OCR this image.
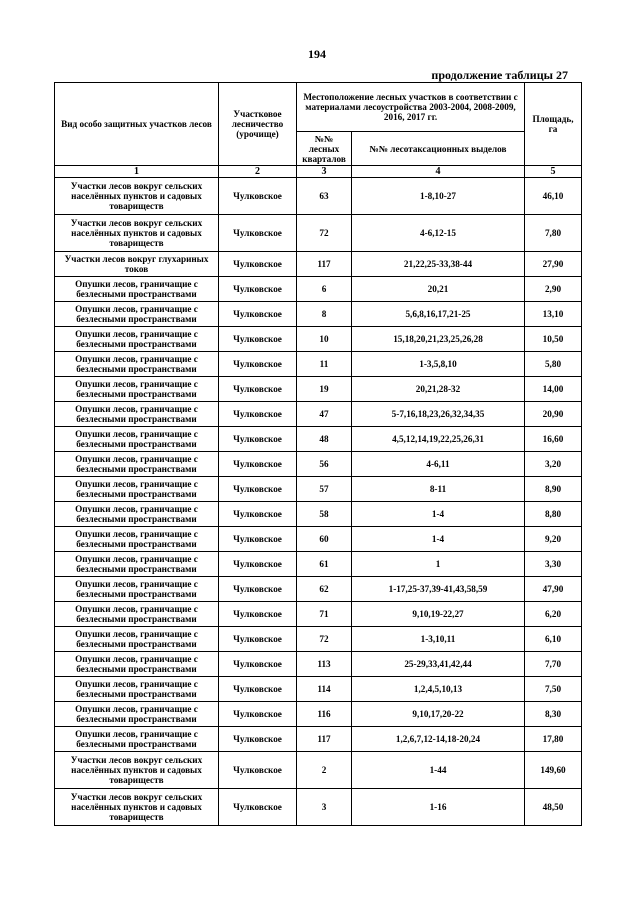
194
продолжение таблицы 27
Вид особо защитных участков лесов	Участковое лесничество (урочище)	Местоположение лесных участков в соответствии с материалами лесоустройства 2003-2004, 2008-2009, 2016, 2017 гг.		Площадь, га
		№№ лесных кварталов	№№ лесотаксационных выделов	
1	2	3	4	5
Участки лесов вокруг сельских населённых пунктов и садовых товариществ	Чулковское	63	1-8,10-27	46,10
Участки лесов вокруг сельских населённых пунктов и садовых товариществ	Чулковское	72	4-6,12-15	7,80
Участки лесов вокруг глухариных токов	Чулковское	117	21,22,25-33,38-44	27,90
Опушки лесов, граничащие с безлесными пространствами	Чулковское	6	20,21	2,90
Опушки лесов, граничащие с безлесными пространствами	Чулковское	8	5,6,8,16,17,21-25	13,10
Опушки лесов, граничащие с безлесными пространствами	Чулковское	10	15,18,20,21,23,25,26,28	10,50
Опушки лесов, граничащие с безлесными пространствами	Чулковское	11	1-3,5,8,10	5,80
Опушки лесов, граничащие с безлесными пространствами	Чулковское	19	20,21,28-32	14,00
Опушки лесов, граничащие с безлесными пространствами	Чулковское	47	5-7,16,18,23,26,32,34,35	20,90
Опушки лесов, граничащие с безлесными пространствами	Чулковское	48	4,5,12,14,19,22,25,26,31	16,60
Опушки лесов, граничащие с безлесными пространствами	Чулковское	56	4-6,11	3,20
Опушки лесов, граничащие с безлесными пространствами	Чулковское	57	8-11	8,90
Опушки лесов, граничащие с безлесными пространствами	Чулковское	58	1-4	8,80
Опушки лесов, граничащие с безлесными пространствами	Чулковское	60	1-4	9,20
Опушки лесов, граничащие с безлесными пространствами	Чулковское	61	1	3,30
Опушки лесов, граничащие с безлесными пространствами	Чулковское	62	1-17,25-37,39-41,43,58,59	47,90
Опушки лесов, граничащие с безлесными пространствами	Чулковское	71	9,10,19-22,27	6,20
Опушки лесов, граничащие с безлесными пространствами	Чулковское	72	1-3,10,11	6,10
Опушки лесов, граничащие с безлесными пространствами	Чулковское	113	25-29,33,41,42,44	7,70
Опушки лесов, граничащие с безлесными пространствами	Чулковское	114	1,2,4,5,10,13	7,50
Опушки лесов, граничащие с безлесными пространствами	Чулковское	116	9,10,17,20-22	8,30
Опушки лесов, граничащие с безлесными пространствами	Чулковское	117	1,2,6,7,12-14,18-20,24	17,80
Участки лесов вокруг сельских населённых пунктов и садовых товариществ	Чулковское	2	1-44	149,60
Участки лесов вокруг сельских населённых пунктов и садовых товариществ	Чулковское	3	1-16	48,50
